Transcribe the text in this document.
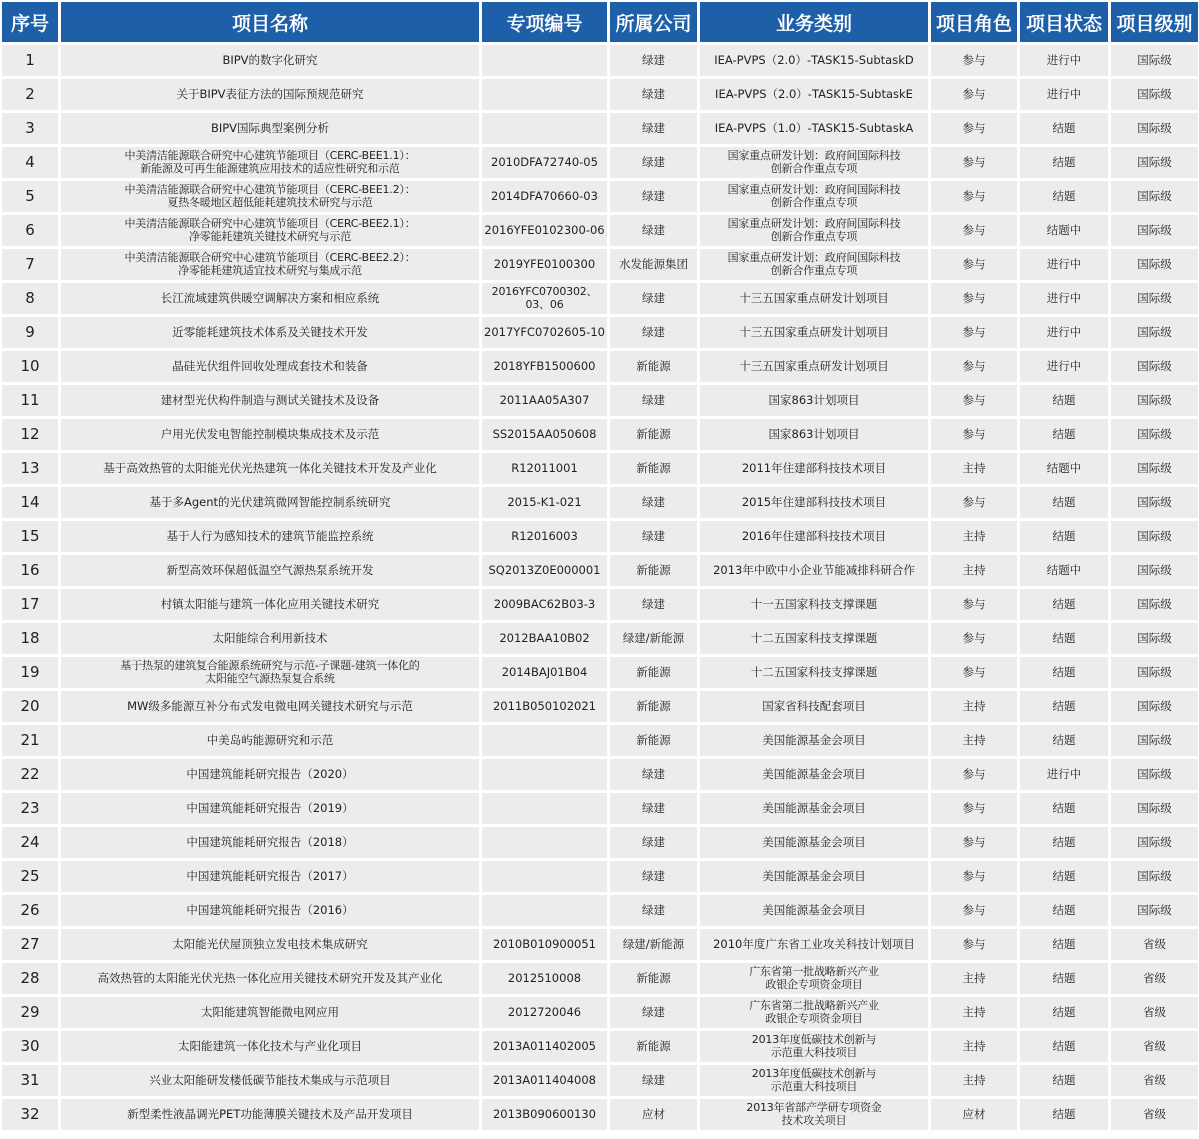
序号	项目名称	专项编号	所属公司	业务类别	项目角色	项目状态	项目级别
1	BIPV的数字化研究		绿建	IEA-PVPS（2.0）-TASK15-SubtaskD	参与	进行中	国际级
2	关于BIPV表征方法的国际预规范研究		绿建	IEA-PVPS（2.0）-TASK15-SubtaskE	参与	进行中	国际级
3	BIPV国际典型案例分析		绿建	IEA-PVPS（1.0）-TASK15-SubtaskA	参与	结题	国际级
4	中美清洁能源联合研究中心建筑节能项目（CERC-BEE1.1）：
新能源及可再生能源建筑应用技术的适应性研究和示范	2010DFA72740-05	绿建	国家重点研发计划：政府间国际科技
创新合作重点专项	参与	结题	国际级
5	中美清洁能源联合研究中心建筑节能项目（CERC-BEE1.2）：
夏热冬暖地区超低能耗建筑技术研究与示范	2014DFA70660-03	绿建	国家重点研发计划：政府间国际科技
创新合作重点专项	参与	结题	国际级
6	中美清洁能源联合研究中心建筑节能项目（CERC-BEE2.1）：
净零能耗建筑关键技术研究与示范	2016YFE0102300-06	绿建	国家重点研发计划：政府间国际科技
创新合作重点专项	参与	结题中	国际级
7	中美清洁能源联合研究中心建筑节能项目（CERC-BEE2.2）：
净零能耗建筑适宜技术研究与集成示范	2019YFE0100300	水发能源集团	国家重点研发计划：政府间国际科技
创新合作重点专项	参与	进行中	国际级
8	长江流域建筑供暖空调解决方案和相应系统	2016YFC0700302、
03、06	绿建	十三五国家重点研发计划项目	参与	进行中	国际级
9	近零能耗建筑技术体系及关键技术开发	2017YFC0702605-10	绿建	十三五国家重点研发计划项目	参与	进行中	国际级
10	晶硅光伏组件回收处理成套技术和装备	2018YFB1500600	新能源	十三五国家重点研发计划项目	参与	进行中	国际级
11	建材型光伏构件制造与测试关键技术及设备	2011AA05A307	绿建	国家863计划项目	参与	结题	国际级
12	户用光伏发电智能控制模块集成技术及示范	SS2015AA050608	新能源	国家863计划项目	参与	结题	国际级
13	基于高效热管的太阳能光伏光热建筑一体化关键技术开发及产业化	R12011001	新能源	2011年住建部科技技术项目	主持	结题中	国际级
14	基于多Agent的光伏建筑微网智能控制系统研究	2015-K1-021	绿建	2015年住建部科技技术项目	参与	结题	国际级
15	基于人行为感知技术的建筑节能监控系统	R12016003	绿建	2016年住建部科技技术项目	主持	结题	国际级
16	新型高效环保超低温空气源热泵系统开发	SQ2013Z0E000001	新能源	2013年中欧中小企业节能减排科研合作	主持	结题中	国际级
17	村镇太阳能与建筑一体化应用关键技术研究	2009BAC62B03-3	绿建	十一五国家科技支撑课题	参与	结题	国际级
18	太阳能综合利用新技术	2012BAA10B02	绿建/新能源	十二五国家科技支撑课题	参与	结题	国际级
19	基于热泵的建筑复合能源系统研究与示范-子课题-建筑一体化的
太阳能空气源热泵复合系统	2014BAJ01B04	新能源	十二五国家科技支撑课题	参与	结题	国际级
20	MW级多能源互补分布式发电微电网关键技术研究与示范	2011B050102021	新能源	国家省科技配套项目	主持	结题	国际级
21	中美岛屿能源研究和示范		新能源	美国能源基金会项目	主持	结题	国际级
22	中国建筑能耗研究报告（2020）		绿建	美国能源基金会项目	参与	进行中	国际级
23	中国建筑能耗研究报告（2019）		绿建	美国能源基金会项目	参与	结题	国际级
24	中国建筑能耗研究报告（2018）		绿建	美国能源基金会项目	参与	结题	国际级
25	中国建筑能耗研究报告（2017）		绿建	美国能源基金会项目	参与	结题	国际级
26	中国建筑能耗研究报告（2016）		绿建	美国能源基金会项目	参与	结题	国际级
27	太阳能光伏屋顶独立发电技术集成研究	2010B010900051	绿建/新能源	2010年度广东省工业攻关科技计划项目	参与	结题	省级
28	高效热管的太阳能光伏光热一体化应用关键技术研究开发及其产业化	2012510008	新能源	广东省第一批战略新兴产业
政银企专项资金项目	主持	结题	省级
29	太阳能建筑智能微电网应用	2012720046	绿建	广东省第二批战略新兴产业
政银企专项资金项目	主持	结题	省级
30	太阳能建筑一体化技术与产业化项目	2013A011402005	新能源	2013年度低碳技术创新与
示范重大科技项目	主持	结题	省级
31	兴业太阳能研发楼低碳节能技术集成与示范项目	2013A011404008	绿建	2013年度低碳技术创新与
示范重大科技项目	主持	结题	省级
32	新型柔性液晶调光PET功能薄膜关键技术及产品开发项目	2013B090600130	应材	2013年省部产学研专项资金
技术攻关项目	应材	结题	省级
